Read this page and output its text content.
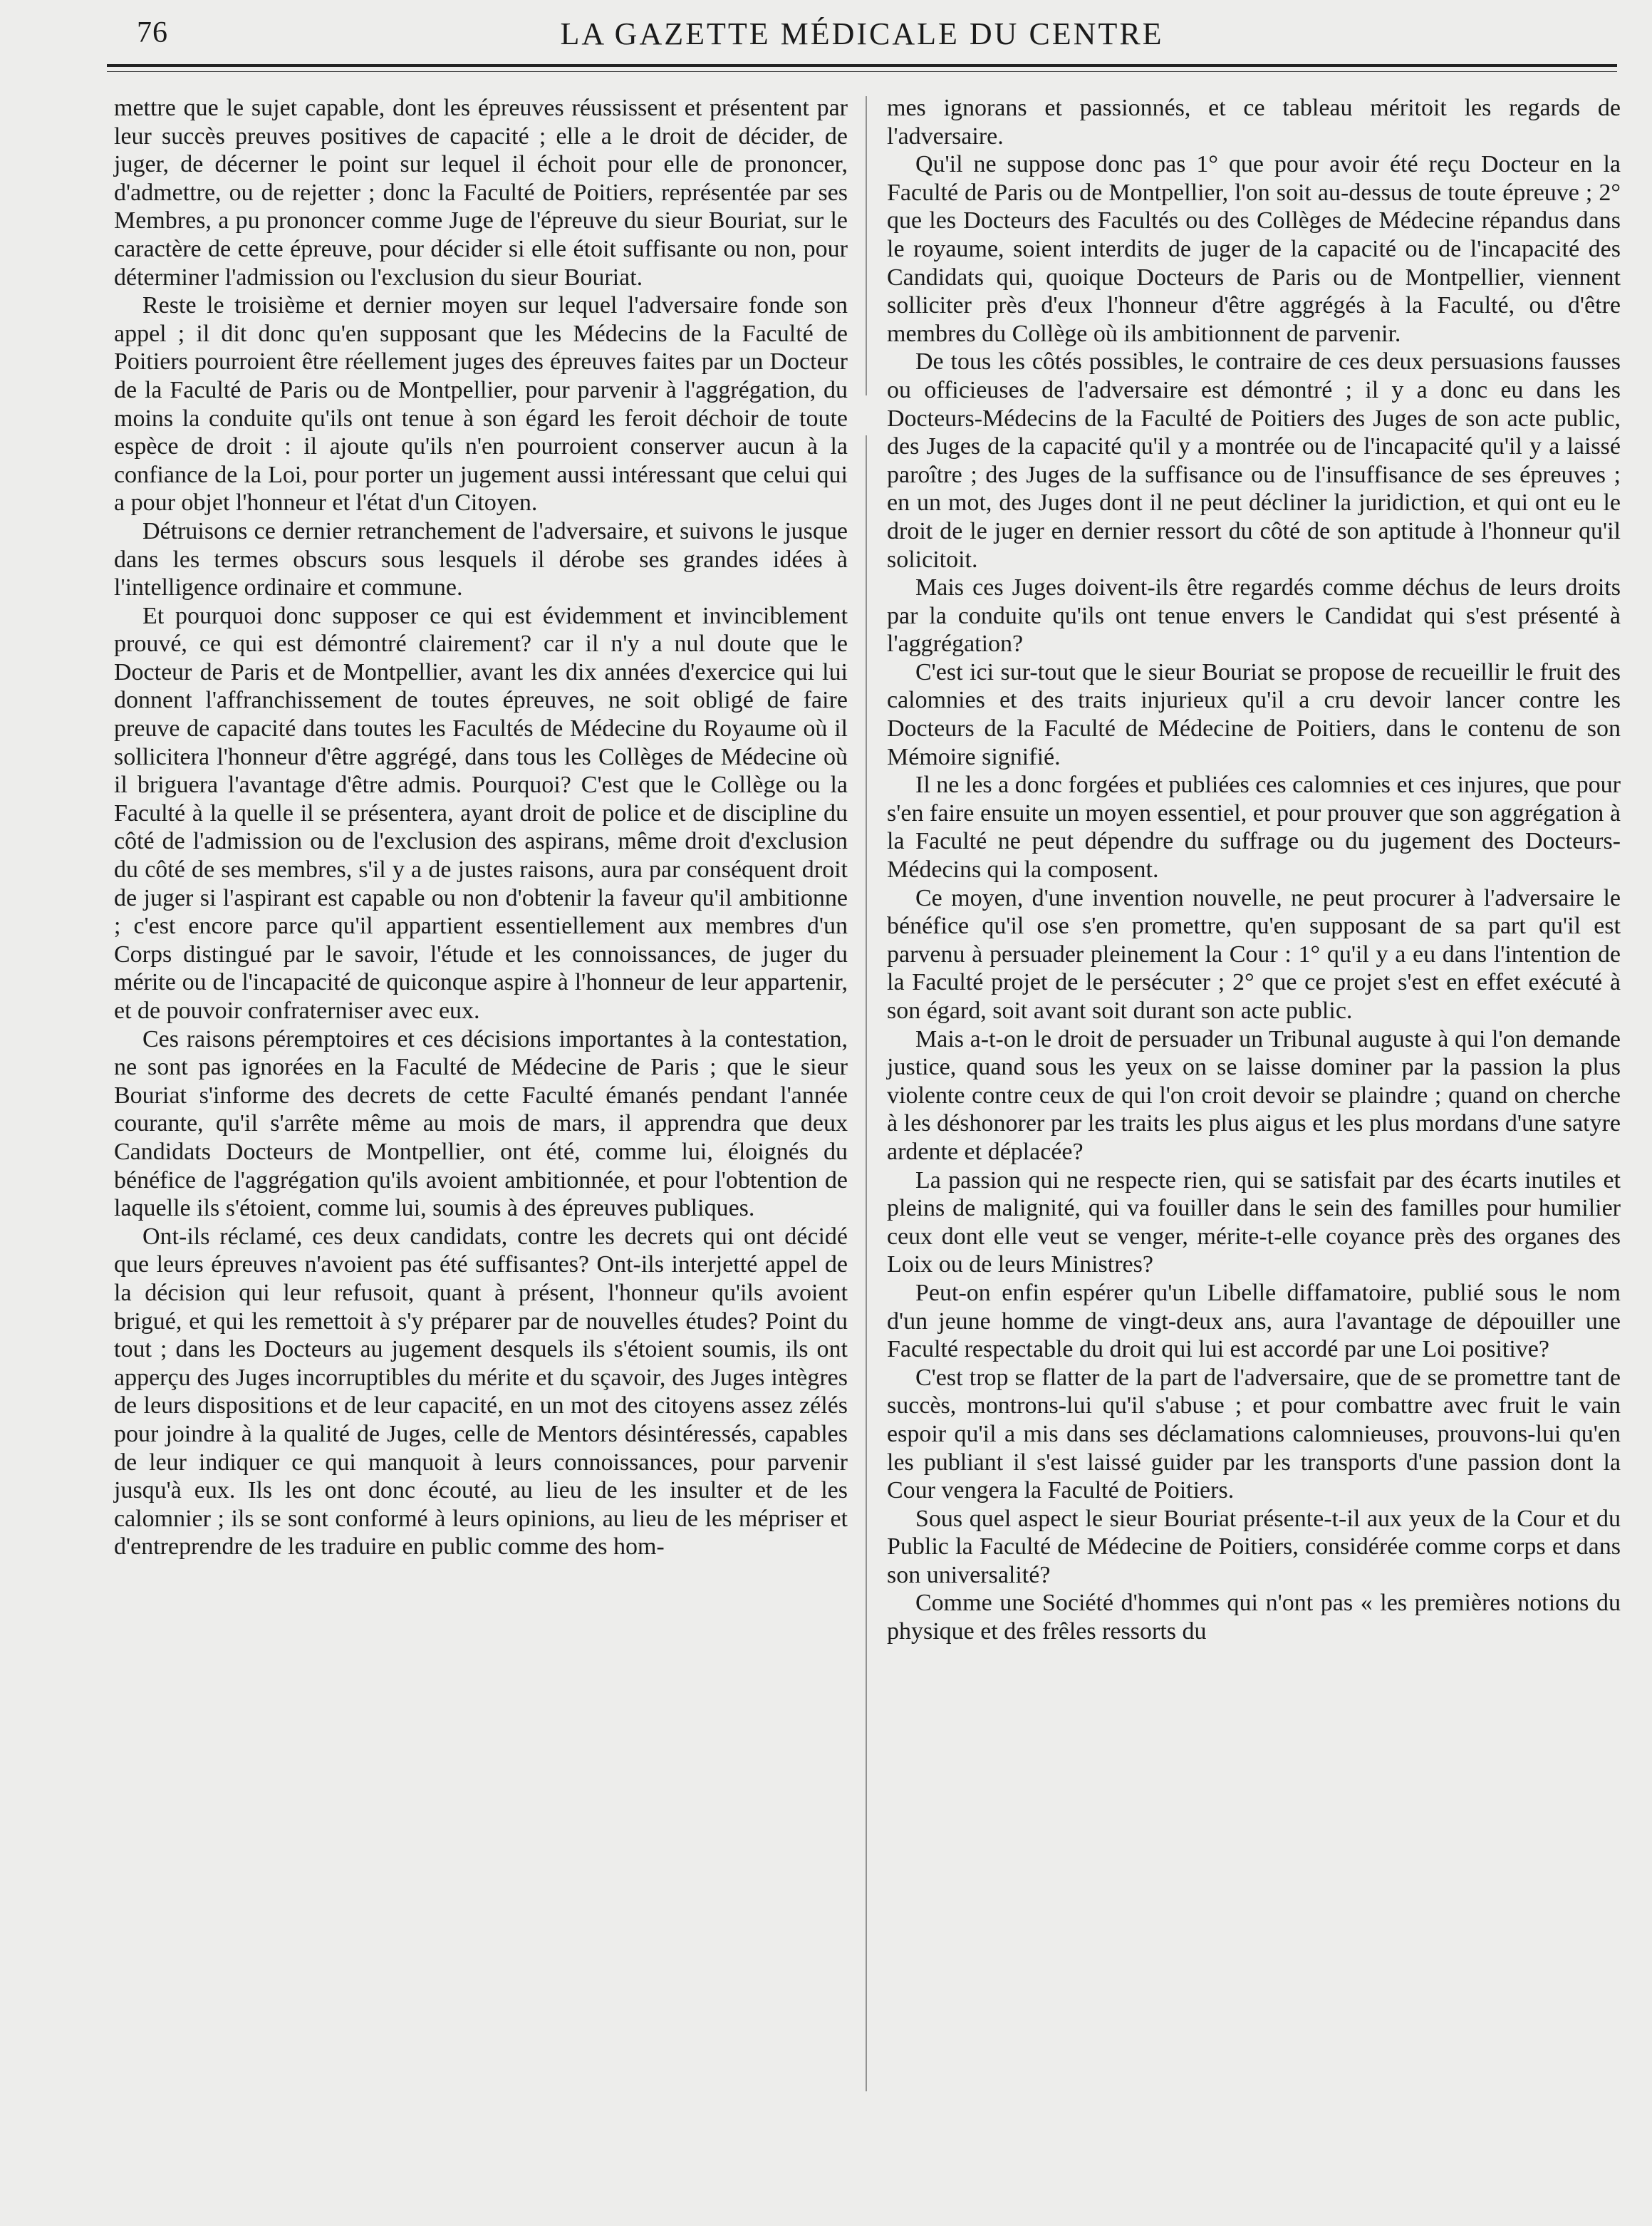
76	LA GAZETTE MÉDICALE DU CENTRE

mettre que le sujet capable, dont les épreuves réussissent et présentent par leur succès preuves positives de capacité ; elle a le droit de décider, de juger, de décerner le point sur lequel il échoit pour elle de prononcer, d'admettre, ou de rejetter ; donc la Faculté de Poitiers, représentée par ses Membres, a pu prononcer comme Juge de l'épreuve du sieur Bouriat, sur le caractère de cette épreuve, pour décider si elle étoit suffisante ou non, pour déterminer l'admission ou l'exclusion du sieur Bouriat.

Reste le troisième et dernier moyen sur lequel l'adversaire fonde son appel ; il dit donc qu'en supposant que les Médecins de la Faculté de Poitiers pourroient être réellement juges des épreuves faites par un Docteur de la Faculté de Paris ou de Montpellier, pour parvenir à l'aggrégation, du moins la conduite qu'ils ont tenue à son égard les feroit déchoir de toute espèce de droit : il ajoute qu'ils n'en pourroient conserver aucun à la confiance de la Loi, pour porter un jugement aussi intéressant que celui qui a pour objet l'honneur et l'état d'un Citoyen.

Détruisons ce dernier retranchement de l'adversaire, et suivons le jusque dans les termes obscurs sous lesquels il dérobe ses grandes idées à l'intelligence ordinaire et commune.

Et pourquoi donc supposer ce qui est évidemment et invinciblement prouvé, ce qui est démontré clairement? car il n'y a nul doute que le Docteur de Paris et de Montpellier, avant les dix années d'exercice qui lui donnent l'affranchissement de toutes épreuves, ne soit obligé de faire preuve de capacité dans toutes les Facultés de Médecine du Royaume où il sollicitera l'honneur d'être aggrégé, dans tous les Collèges de Médecine où il briguera l'avantage d'être admis. Pourquoi? C'est que le Collège ou la Faculté à la quelle il se présentera, ayant droit de police et de discipline du côté de l'admission ou de l'exclusion des aspirans, même droit d'exclusion du côté de ses membres, s'il y a de justes raisons, aura par conséquent droit de juger si l'aspirant est capable ou non d'obtenir la faveur qu'il ambitionne ; c'est encore parce qu'il appartient essentiellement aux membres d'un Corps distingué par le savoir, l'étude et les connoissances, de juger du mérite ou de l'incapacité de quiconque aspire à l'honneur de leur appartenir, et de pouvoir confraterniser avec eux.

Ces raisons péremptoires et ces décisions importantes à la contestation, ne sont pas ignorées en la Faculté de Médecine de Paris ; que le sieur Bouriat s'informe des decrets de cette Faculté émanés pendant l'année courante, qu'il s'arrête même au mois de mars, il apprendra que deux Candidats Docteurs de Montpellier, ont été, comme lui, éloignés du bénéfice de l'aggrégation qu'ils avoient ambitionnée, et pour l'obtention de laquelle ils s'étoient, comme lui, soumis à des épreuves publiques.

Ont-ils réclamé, ces deux candidats, contre les decrets qui ont décidé que leurs épreuves n'avoient pas été suffisantes? Ont-ils interjetté appel de la décision qui leur refusoit, quant à présent, l'honneur qu'ils avoient brigué, et qui les remettoit à s'y préparer par de nouvelles études? Point du tout ; dans les Docteurs au jugement desquels ils s'étoient soumis, ils ont apperçu des Juges incorruptibles du mérite et du sçavoir, des Juges intègres de leurs dispositions et de leur capacité, en un mot des citoyens assez zélés pour joindre à la qualité de Juges, celle de Mentors désintéressés, capables de leur indiquer ce qui manquoit à leurs connoissances, pour parvenir jusqu'à eux. Ils les ont donc écouté, au lieu de les insulter et de les calomnier ; ils se sont conformé à leurs opinions, au lieu de les mépriser et d'entreprendre de les traduire en public comme des hom-

mes ignorans et passionnés, et ce tableau méritoit les regards de l'adversaire.

Qu'il ne suppose donc pas 1° que pour avoir été reçu Docteur en la Faculté de Paris ou de Montpellier, l'on soit au-dessus de toute épreuve ; 2° que les Docteurs des Facultés ou des Collèges de Médecine répandus dans le royaume, soient interdits de juger de la capacité ou de l'incapacité des Candidats qui, quoique Docteurs de Paris ou de Montpellier, viennent solliciter près d'eux l'honneur d'être aggrégés à la Faculté, ou d'être membres du Collège où ils ambitionnent de parvenir.

De tous les côtés possibles, le contraire de ces deux persuasions fausses ou officieuses de l'adversaire est démontré ; il y a donc eu dans les Docteurs-Médecins de la Faculté de Poitiers des Juges de son acte public, des Juges de la capacité qu'il y a montrée ou de l'incapacité qu'il y a laissé paroître ; des Juges de la suffisance ou de l'insuffisance de ses épreuves ; en un mot, des Juges dont il ne peut décliner la juridiction, et qui ont eu le droit de le juger en dernier ressort du côté de son aptitude à l'honneur qu'il solicitoit.

Mais ces Juges doivent-ils être regardés comme déchus de leurs droits par la conduite qu'ils ont tenue envers le Candidat qui s'est présenté à l'aggrégation?

C'est ici sur-tout que le sieur Bouriat se propose de recueillir le fruit des calomnies et des traits injurieux qu'il a cru devoir lancer contre les Docteurs de la Faculté de Médecine de Poitiers, dans le contenu de son Mémoire signifié.

Il ne les a donc forgées et publiées ces calomnies et ces injures, que pour s'en faire ensuite un moyen essentiel, et pour prouver que son aggrégation à la Faculté ne peut dépendre du suffrage ou du jugement des Docteurs-Médecins qui la composent.

Ce moyen, d'une invention nouvelle, ne peut procurer à l'adversaire le bénéfice qu'il ose s'en promettre, qu'en supposant de sa part qu'il est parvenu à persuader pleinement la Cour : 1° qu'il y a eu dans l'intention de la Faculté projet de le persécuter ; 2° que ce projet s'est en effet exécuté à son égard, soit avant soit durant son acte public.

Mais a-t-on le droit de persuader un Tribunal auguste à qui l'on demande justice, quand sous les yeux on se laisse dominer par la passion la plus violente contre ceux de qui l'on croit devoir se plaindre ; quand on cherche à les déshonorer par les traits les plus aigus et les plus mordans d'une satyre ardente et déplacée?

La passion qui ne respecte rien, qui se satisfait par des écarts inutiles et pleins de malignité, qui va fouiller dans le sein des familles pour humilier ceux dont elle veut se venger, mérite-t-elle coyance près des organes des Loix ou de leurs Ministres?

Peut-on enfin espérer qu'un Libelle diffamatoire, publié sous le nom d'un jeune homme de vingt-deux ans, aura l'avantage de dépouiller une Faculté respectable du droit qui lui est accordé par une Loi positive?

C'est trop se flatter de la part de l'adversaire, que de se promettre tant de succès, montrons-lui qu'il s'abuse ; et pour combattre avec fruit le vain espoir qu'il a mis dans ses déclamations calomnieuses, prouvons-lui qu'en les publiant il s'est laissé guider par les transports d'une passion dont la Cour vengera la Faculté de Poitiers.

Sous quel aspect le sieur Bouriat présente-t-il aux yeux de la Cour et du Public la Faculté de Médecine de Poitiers, considérée comme corps et dans son universalité?

Comme une Société d'hommes qui n'ont pas « les premières notions du physique et des frêles ressorts du
